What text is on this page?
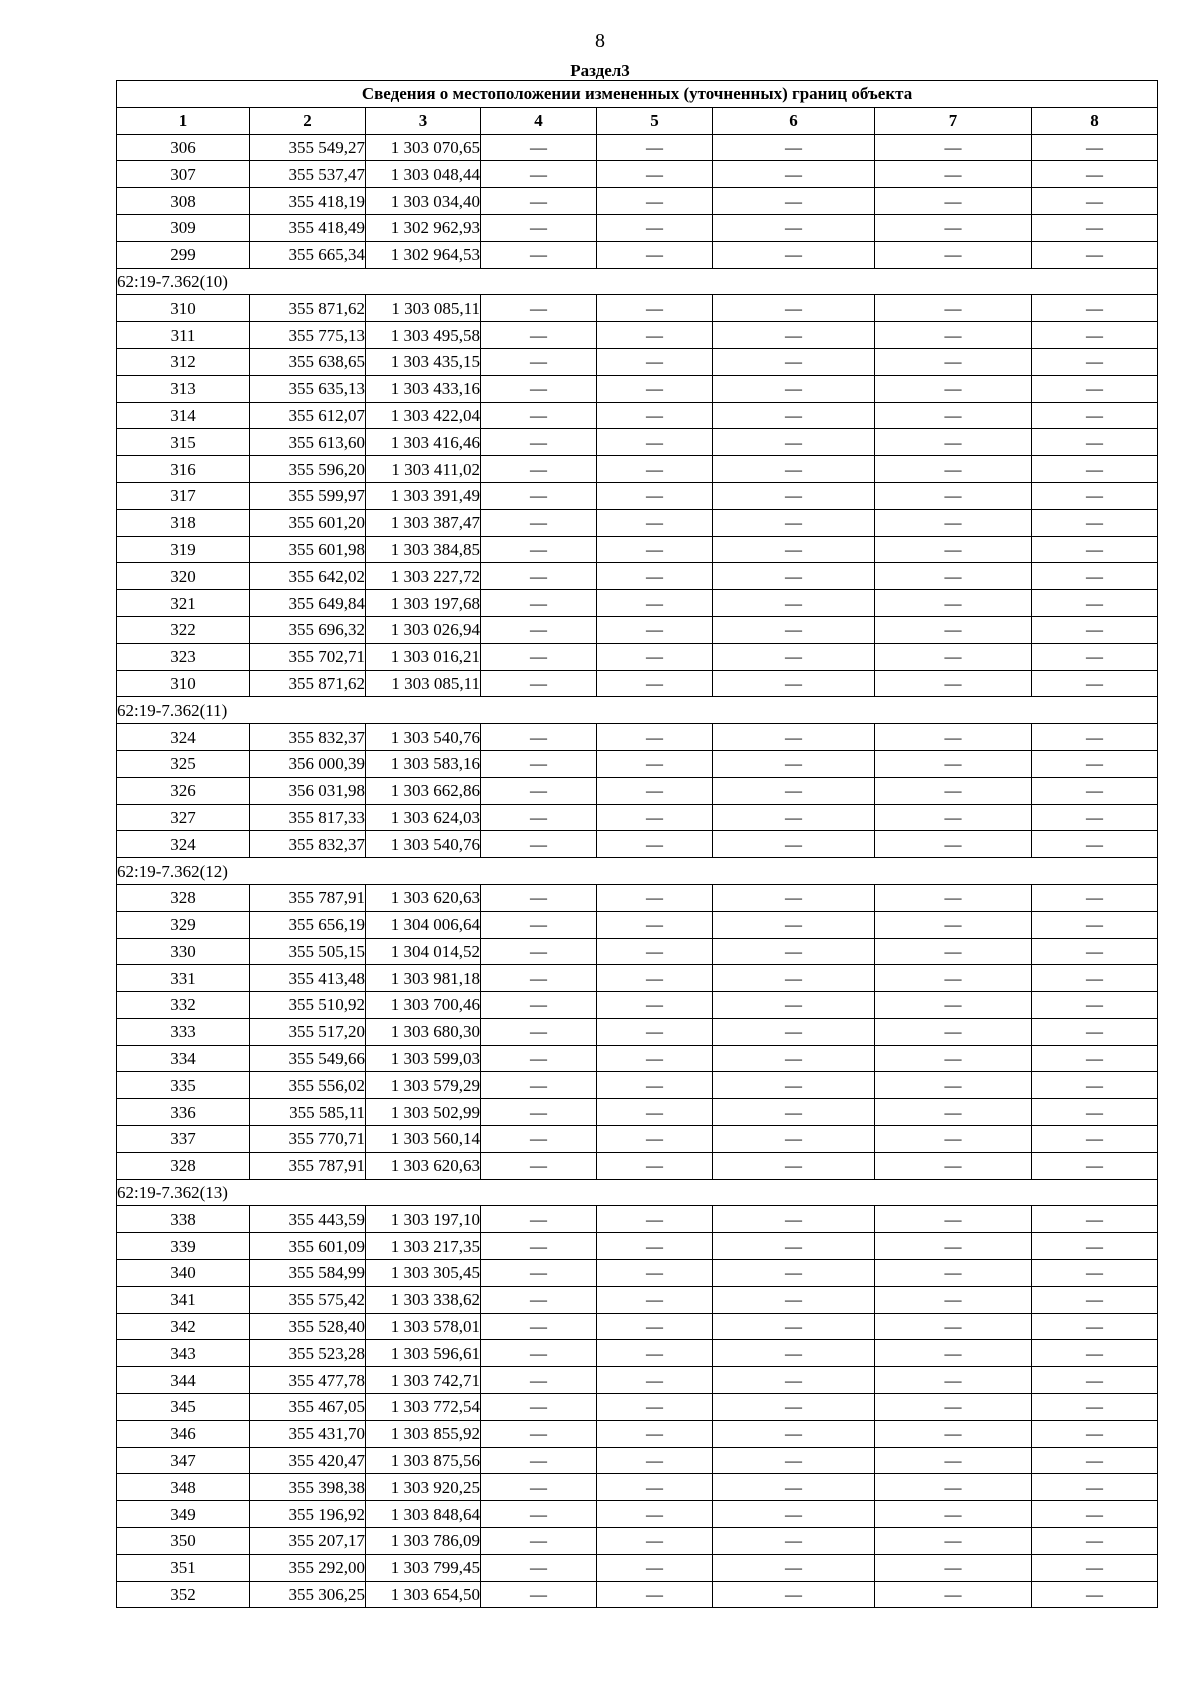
8
Раздел3
Сведения о местоположении измененных (уточненных) границ объекта							
1	2	3	4	5	6	7	8
306	355 549,27	1 303 070,65	—	—	—	—	—
307	355 537,47	1 303 048,44	—	—	—	—	—
308	355 418,19	1 303 034,40	—	—	—	—	—
309	355 418,49	1 302 962,93	—	—	—	—	—
299	355 665,34	1 302 964,53	—	—	—	—	—
62:19-7.362(10)							
310	355 871,62	1 303 085,11	—	—	—	—	—
311	355 775,13	1 303 495,58	—	—	—	—	—
312	355 638,65	1 303 435,15	—	—	—	—	—
313	355 635,13	1 303 433,16	—	—	—	—	—
314	355 612,07	1 303 422,04	—	—	—	—	—
315	355 613,60	1 303 416,46	—	—	—	—	—
316	355 596,20	1 303 411,02	—	—	—	—	—
317	355 599,97	1 303 391,49	—	—	—	—	—
318	355 601,20	1 303 387,47	—	—	—	—	—
319	355 601,98	1 303 384,85	—	—	—	—	—
320	355 642,02	1 303 227,72	—	—	—	—	—
321	355 649,84	1 303 197,68	—	—	—	—	—
322	355 696,32	1 303 026,94	—	—	—	—	—
323	355 702,71	1 303 016,21	—	—	—	—	—
310	355 871,62	1 303 085,11	—	—	—	—	—
62:19-7.362(11)							
324	355 832,37	1 303 540,76	—	—	—	—	—
325	356 000,39	1 303 583,16	—	—	—	—	—
326	356 031,98	1 303 662,86	—	—	—	—	—
327	355 817,33	1 303 624,03	—	—	—	—	—
324	355 832,37	1 303 540,76	—	—	—	—	—
62:19-7.362(12)							
328	355 787,91	1 303 620,63	—	—	—	—	—
329	355 656,19	1 304 006,64	—	—	—	—	—
330	355 505,15	1 304 014,52	—	—	—	—	—
331	355 413,48	1 303 981,18	—	—	—	—	—
332	355 510,92	1 303 700,46	—	—	—	—	—
333	355 517,20	1 303 680,30	—	—	—	—	—
334	355 549,66	1 303 599,03	—	—	—	—	—
335	355 556,02	1 303 579,29	—	—	—	—	—
336	355 585,11	1 303 502,99	—	—	—	—	—
337	355 770,71	1 303 560,14	—	—	—	—	—
328	355 787,91	1 303 620,63	—	—	—	—	—
62:19-7.362(13)							
338	355 443,59	1 303 197,10	—	—	—	—	—
339	355 601,09	1 303 217,35	—	—	—	—	—
340	355 584,99	1 303 305,45	—	—	—	—	—
341	355 575,42	1 303 338,62	—	—	—	—	—
342	355 528,40	1 303 578,01	—	—	—	—	—
343	355 523,28	1 303 596,61	—	—	—	—	—
344	355 477,78	1 303 742,71	—	—	—	—	—
345	355 467,05	1 303 772,54	—	—	—	—	—
346	355 431,70	1 303 855,92	—	—	—	—	—
347	355 420,47	1 303 875,56	—	—	—	—	—
348	355 398,38	1 303 920,25	—	—	—	—	—
349	355 196,92	1 303 848,64	—	—	—	—	—
350	355 207,17	1 303 786,09	—	—	—	—	—
351	355 292,00	1 303 799,45	—	—	—	—	—
352	355 306,25	1 303 654,50	—	—	—	—	—
